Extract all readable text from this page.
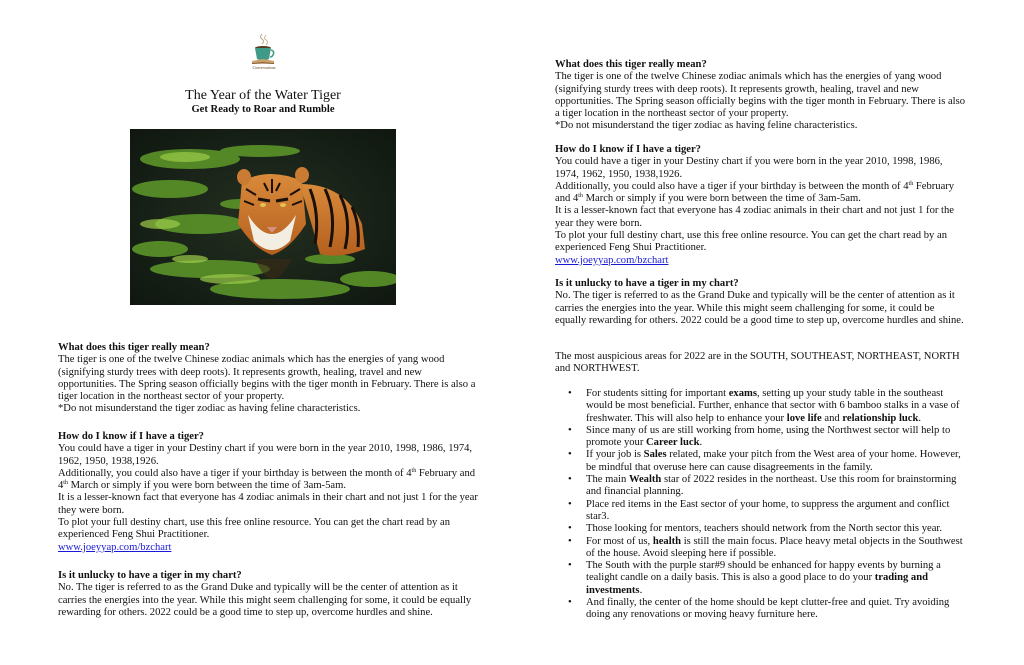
Conversations
The Year of the Water Tiger
Get Ready to Roar and Rumble
What does this tiger really mean?

The tiger is one of the twelve Chinese zodiac animals which has the energies of yang wood (signifying sturdy trees with deep roots). It represents growth, healing, travel and new opportunities. The Spring season officially begins with the tiger month in February. There is also a tiger location in the northeast sector of your property.

*Do not misunderstand the tiger zodiac as having feline characteristics.

How do I know if I have a tiger?

You could have a tiger in your Destiny chart if you were born in the year 2010, 1998, 1986, 1974, 1962, 1950, 1938,1926.

Additionally, you could also have a tiger if your birthday is between the month of 4th February and 4th March or simply if you were born between the time of 3am-5am.

It is a lesser-known fact that everyone has 4 zodiac animals in their chart and not just 1 for the year they were born.

To plot your full destiny chart, use this free online resource. You can get the chart read by an experienced Feng Shui Practitioner.

www.joeyyap.com/bzchart
Is it unlucky to have a tiger in my chart?

No. The tiger is referred to as the Grand Duke and typically will be the center of attention as it carries the energies into the year. While this might seem challenging for some, it could be equally rewarding for others. 2022 could be a good time to step up, overcome hurdles and shine.

What does this tiger really mean?

The tiger is one of the twelve Chinese zodiac animals which has the energies of yang wood (signifying sturdy trees with deep roots). It represents growth, healing, travel and new opportunities. The Spring season officially begins with the tiger month in February. There is also a tiger location in the northeast sector of your property.

*Do not misunderstand the tiger zodiac as having feline characteristics.

How do I know if I have a tiger?

You could have a tiger in your Destiny chart if you were born in the year 2010, 1998, 1986, 1974, 1962, 1950, 1938,1926.

Additionally, you could also have a tiger if your birthday is between the month of 4th February and 4th March or simply if you were born between the time of 3am-5am.

It is a lesser-known fact that everyone has 4 zodiac animals in their chart and not just 1 for the year they were born.

To plot your full destiny chart, use this free online resource. You can get the chart read by an experienced Feng Shui Practitioner.

www.joeyyap.com/bzchart
Is it unlucky to have a tiger in my chart?

No. The tiger is referred to as the Grand Duke and typically will be the center of attention as it carries the energies into the year. While this might seem challenging for some, it could be equally rewarding for others. 2022 could be a good time to step up, overcome hurdles and shine.

The most auspicious areas for 2022 are in the SOUTH, SOUTHEAST, NORTHEAST, NORTH and NORTHWEST.

• For students sitting for important exams, setting up your study table in the southeast would be most beneficial. Further, enhance that sector with 6 bamboo stalks in a vase of freshwater. This will also help to enhance your love life and relationship luck.
• Since many of us are still working from home, using the Northwest sector will help to promote your Career luck.
• If your job is Sales related, make your pitch from the West area of your home. However, be mindful that overuse here can cause disagreements in the family.
• The main Wealth star of 2022 resides in the northeast. Use this room for brainstorming and financial planning.
• Place red items in the East sector of your home, to suppress the argument and conflict star3.
• Those looking for mentors, teachers should network from the North sector this year.
• For most of us, health is still the main focus. Place heavy metal objects in the Southwest of the house. Avoid sleeping here if possible.
• The South with the purple star#9 should be enhanced for happy events by burning a tealight candle on a daily basis. This is also a good place to do your trading and investments.
• And finally, the center of the home should be kept clutter-free and quiet. Try avoiding doing any renovations or moving heavy furniture here.
